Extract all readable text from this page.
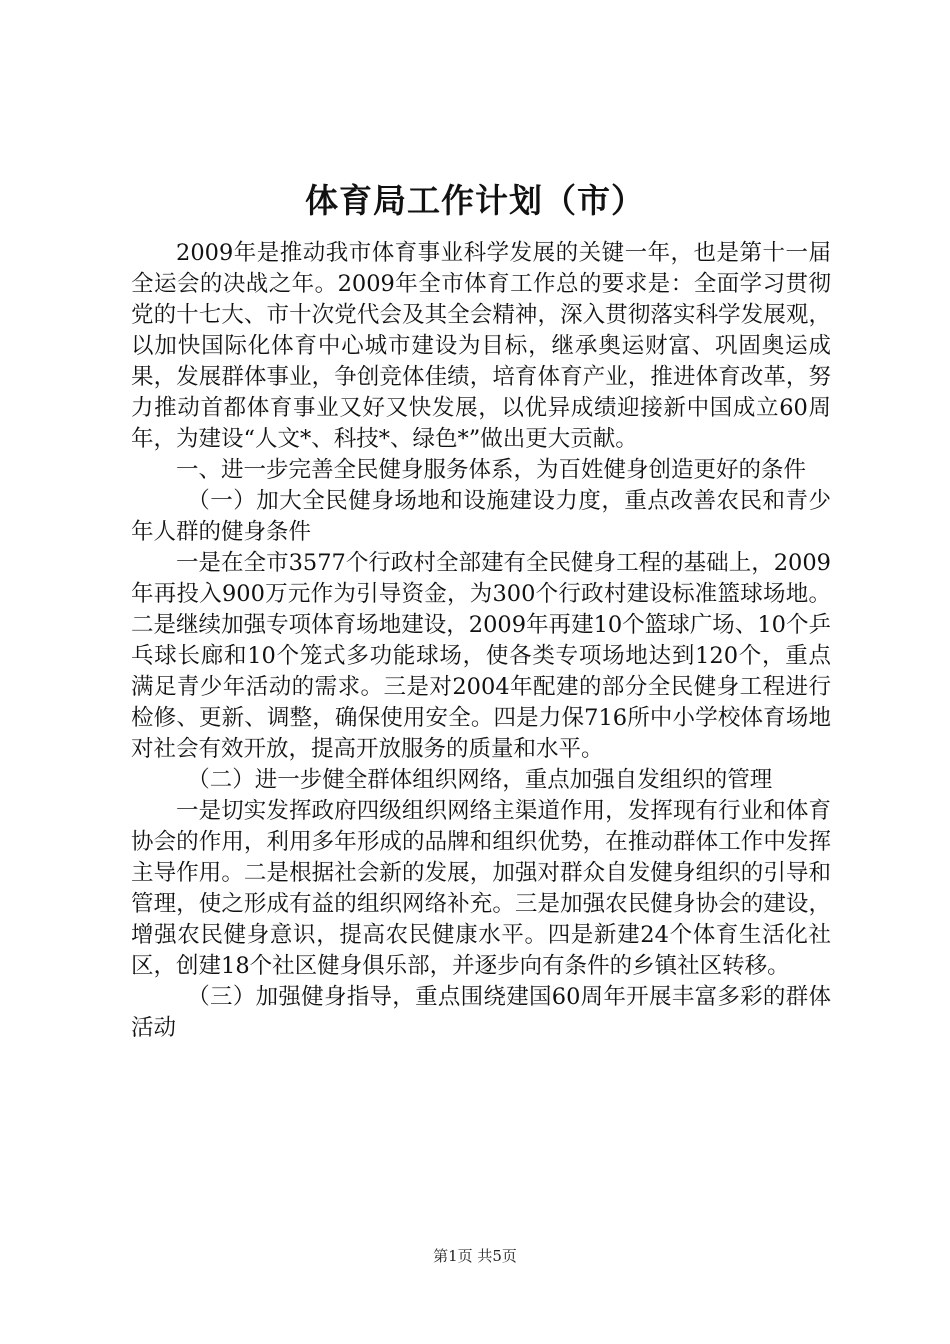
体育局工作计划（市）

2009年是推动我市体育事业科学发展的关键一年，也是第十一届全运会的决战之年。2009年全市体育工作总的要求是：全面学习贯彻党的十七大、市十次党代会及其全会精神，深入贯彻落实科学发展观，以加快国际化体育中心城市建设为目标，继承奥运财富、巩固奥运成果，发展群体事业，争创竞体佳绩，培育体育产业，推进体育改革，努力推动首都体育事业又好又快发展，以优异成绩迎接新中国成立60周年，为建设“人文*、科技*、绿色*”做出更大贡献。

一、进一步完善全民健身服务体系，为百姓健身创造更好的条件

（一）加大全民健身场地和设施建设力度，重点改善农民和青少年人群的健身条件

一是在全市3577个行政村全部建有全民健身工程的基础上，2009年再投入900万元作为引导资金，为300个行政村建设标准篮球场地。二是继续加强专项体育场地建设，2009年再建10个篮球广场、10个乒乓球长廊和10个笼式多功能球场，使各类专项场地达到120个，重点满足青少年活动的需求。三是对2004年配建的部分全民健身工程进行检修、更新、调整，确保使用安全。四是力保716所中小学校体育场地对社会有效开放，提高开放服务的质量和水平。

（二）进一步健全群体组织网络，重点加强自发组织的管理

一是切实发挥政府四级组织网络主渠道作用，发挥现有行业和体育协会的作用，利用多年形成的品牌和组织优势，在推动群体工作中发挥主导作用。二是根据社会新的发展，加强对群众自发健身组织的引导和管理，使之形成有益的组织网络补充。三是加强农民健身协会的建设，增强农民健身意识，提高农民健康水平。四是新建24个体育生活化社区，创建18个社区健身俱乐部，并逐步向有条件的乡镇社区转移。

（三）加强健身指导，重点围绕建国60周年开展丰富多彩的群体活动

第1页 共5页
